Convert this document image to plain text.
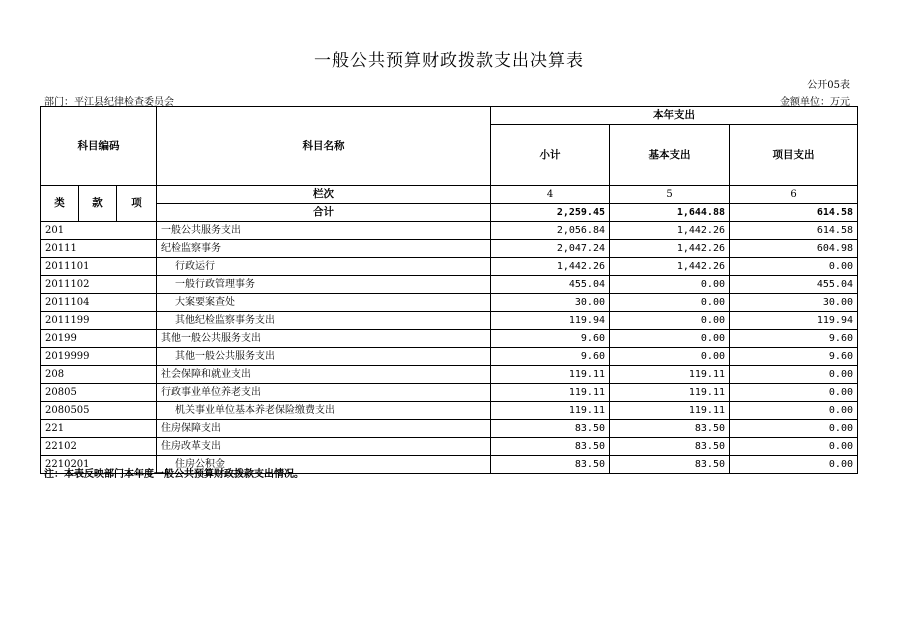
一般公共预算财政拨款支出决算表
公开05表
部门：平江县纪律检查委员会	金额单位：万元
科目编码			科目名称	本年支出		
				小计	基本支出	项目支出
类	款	项	栏次	4	5	6
			合计	2,259.45	1,644.88	614.58
201			一般公共服务支出	2,056.84	1,442.26	614.58
20111			纪检监察事务	2,047.24	1,442.26	604.98
2011101			行政运行	1,442.26	1,442.26	0.00
2011102			一般行政管理事务	455.04	0.00	455.04
2011104			大案要案查处	30.00	0.00	30.00
2011199			其他纪检监察事务支出	119.94	0.00	119.94
20199			其他一般公共服务支出	9.60	0.00	9.60
2019999			其他一般公共服务支出	9.60	0.00	9.60
208			社会保障和就业支出	119.11	119.11	0.00
20805			行政事业单位养老支出	119.11	119.11	0.00
2080505			机关事业单位基本养老保险缴费支出	119.11	119.11	0.00
221			住房保障支出	83.50	83.50	0.00
22102			住房改革支出	83.50	83.50	0.00
2210201			住房公积金	83.50	83.50	0.00
注：本表反映部门本年度一般公共预算财政拨款支出情况。
